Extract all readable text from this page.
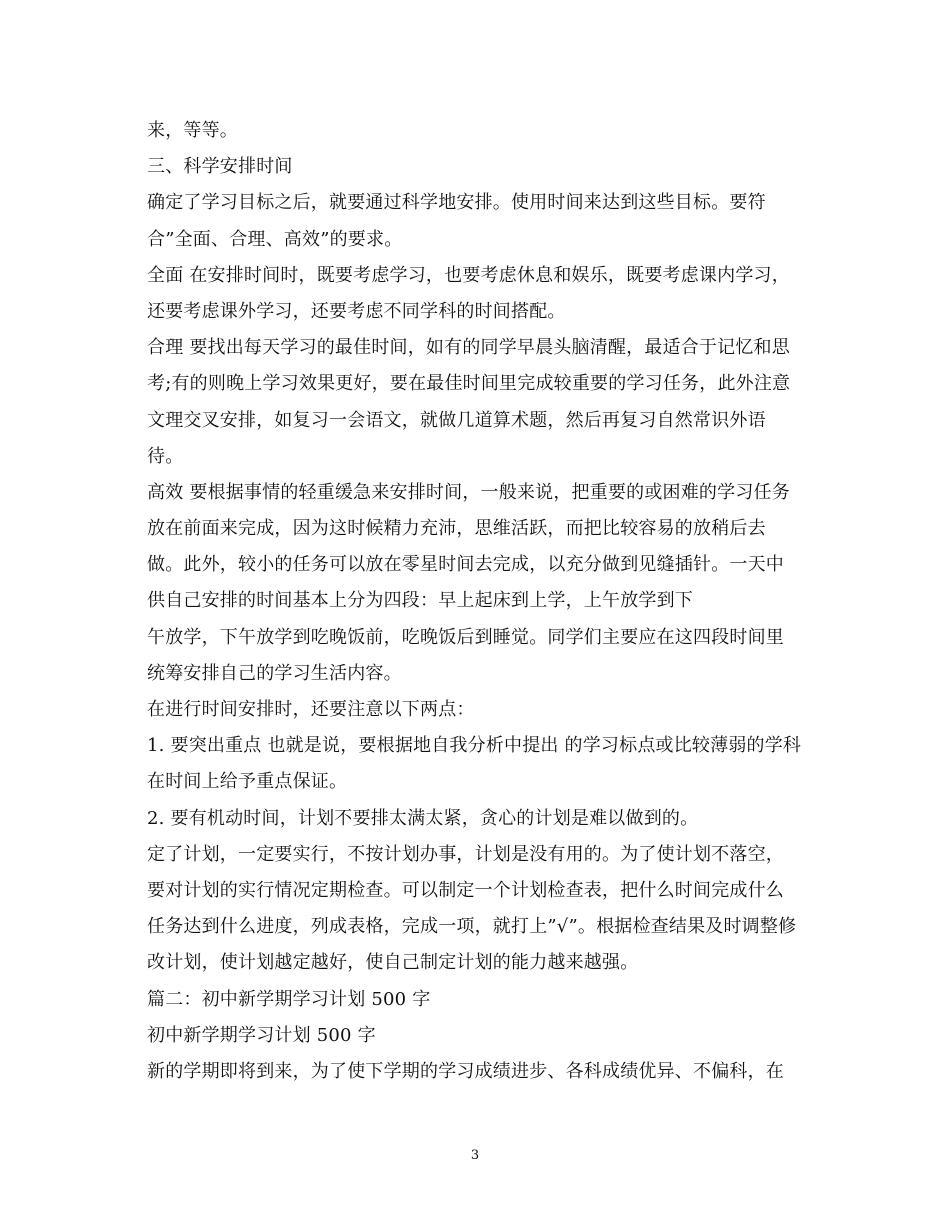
来，等等。
三、科学安排时间
确定了学习目标之后，就要通过科学地安排。使用时间来达到这些目标。要符
合”全面、合理、高效”的要求。
全面 在安排时间时，既要考虑学习，也要考虑休息和娱乐，既要考虑课内学习，
还要考虑课外学习，还要考虑不同学科的时间搭配。
合理 要找出每天学习的最佳时间，如有的同学早晨头脑清醒，最适合于记忆和思
考;有的则晚上学习效果更好，要在最佳时间里完成较重要的学习任务，此外注意
文理交叉安排，如复习一会语文，就做几道算术题，然后再复习自然常识外语
待。
高效 要根据事情的轻重缓急来安排时间，一般来说，把重要的或困难的学习任务
放在前面来完成，因为这时候精力充沛，思维活跃，而把比较容易的放稍后去
做。此外，较小的任务可以放在零星时间去完成，以充分做到见缝插针。一天中
供自己安排的时间基本上分为四段：早上起床到上学，上午放学到下
午放学，下午放学到吃晚饭前，吃晚饭后到睡觉。同学们主要应在这四段时间里
统筹安排自己的学习生活内容。
在进行时间安排时，还要注意以下两点：
1. 要突出重点 也就是说，要根据地自我分析中提出 的学习标点或比较薄弱的学科
在时间上给予重点保证。
2. 要有机动时间，计划不要排太满太紧，贪心的计划是难以做到的。
定了计划，一定要实行，不按计划办事，计划是没有用的。为了使计划不落空，
要对计划的实行情况定期检查。可以制定一个计划检查表，把什么时间完成什么
任务达到什么进度，列成表格，完成一项，就打上”√”。根据检查结果及时调整修
改计划，使计划越定越好，使自己制定计划的能力越来越强。
篇二：初中新学期学习计划 500 字
初中新学期学习计划 500 字
新的学期即将到来，为了使下学期的学习成绩进步、各科成绩优异、不偏科，在
3
